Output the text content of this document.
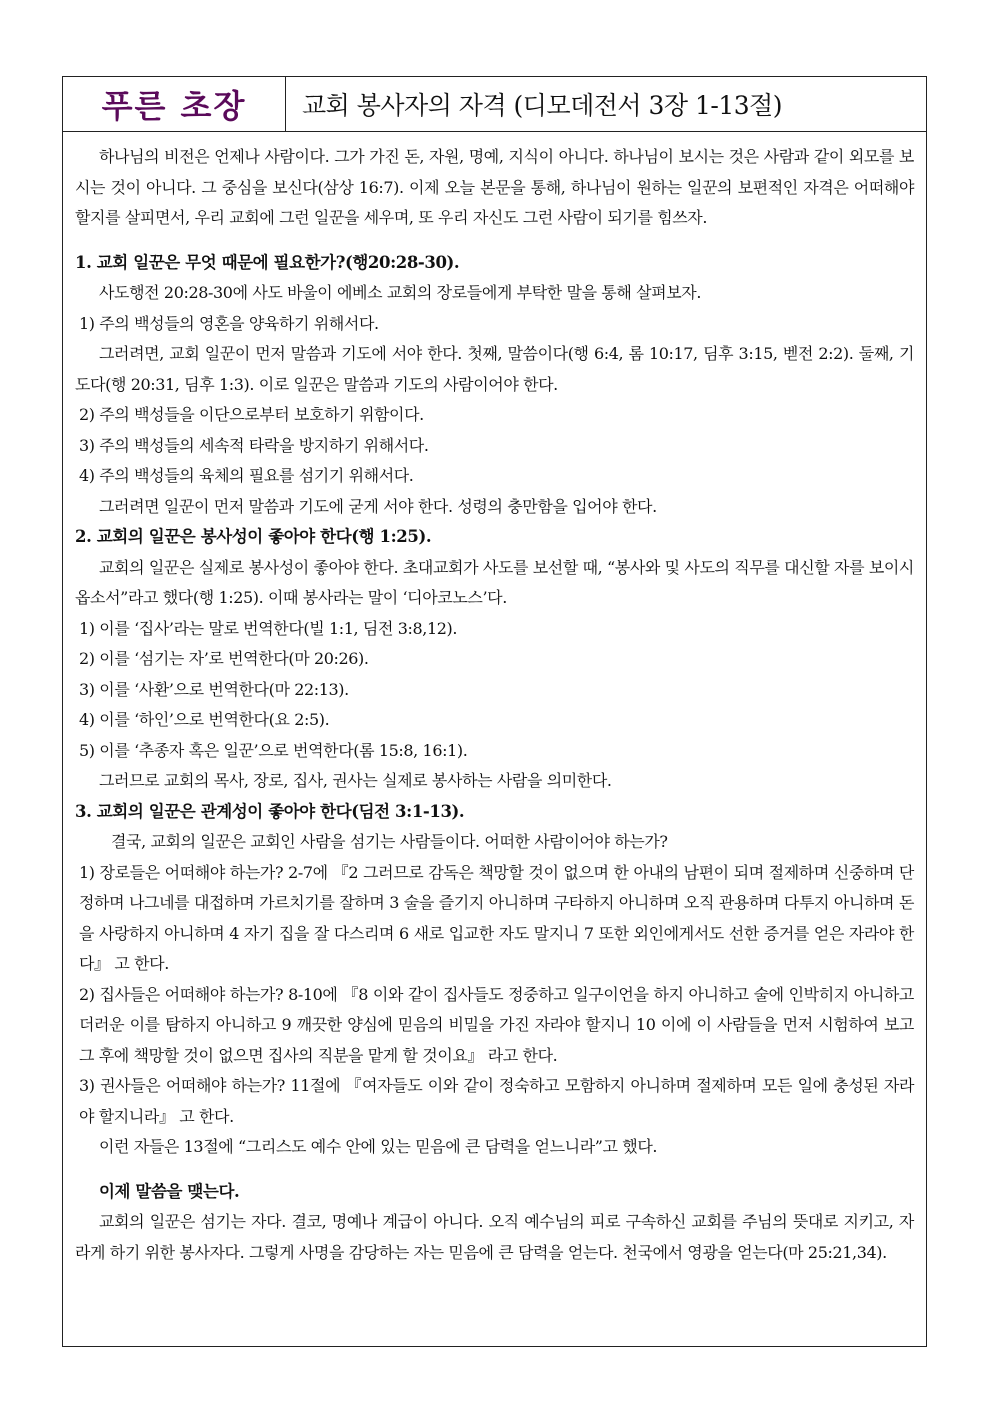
푸른 초장	교회 봉사자의 자격 (디모데전서 3장 1-13절)

하나님의 비전은 언제나 사람이다. 그가 가진 돈, 자원, 명예, 지식이 아니다. 하나님이 보시는 것은 사람과 같이 외모를 보시는 것이 아니다. 그 중심을 보신다(삼상 16:7). 이제 오늘 본문을 통해, 하나님이 원하는 일꾼의 보편적인 자격은 어떠해야 할지를 살피면서, 우리 교회에 그런 일꾼을 세우며, 또 우리 자신도 그런 사람이 되기를 힘쓰자.

1. 교회 일꾼은 무엇 때문에 필요한가?(행20:28-30).

사도행전 20:28-30에 사도 바울이 에베소 교회의 장로들에게 부탁한 말을 통해 살펴보자.

1) 주의 백성들의 영혼을 양육하기 위해서다.

그러려면, 교회 일꾼이 먼저 말씀과 기도에 서야 한다. 첫째, 말씀이다(행 6:4, 롬 10:17, 딤후 3:15, 벧전 2:2). 둘째, 기도다(행 20:31, 딤후 1:3). 이로 일꾼은 말씀과 기도의 사람이어야 한다.

2) 주의 백성들을 이단으로부터 보호하기 위함이다.

3) 주의 백성들의 세속적 타락을 방지하기 위해서다.

4) 주의 백성들의 육체의 필요를 섬기기 위해서다.

그러려면 일꾼이 먼저 말씀과 기도에 굳게 서야 한다. 성령의 충만함을 입어야 한다.

2. 교회의 일꾼은 봉사성이 좋아야 한다(행 1:25).

교회의 일꾼은 실제로 봉사성이 좋아야 한다. 초대교회가 사도를 보선할 때, “봉사와 및 사도의 직무를 대신할 자를 보이시옵소서”라고 했다(행 1:25). 이때 봉사라는 말이 ‘디아코노스’다.

1) 이를 ‘집사’라는 말로 번역한다(빌 1:1, 딤전 3:8,12).

2) 이를 ‘섬기는 자’로 번역한다(마 20:26).

3) 이를 ‘사환’으로 번역한다(마 22:13).

4) 이를 ‘하인’으로 번역한다(요 2:5).

5) 이를 ‘추종자 혹은 일꾼’으로 번역한다(롬 15:8, 16:1).

그러므로 교회의 목사, 장로, 집사, 권사는 실제로 봉사하는 사람을 의미한다.

3. 교회의 일꾼은 관계성이 좋아야 한다(딤전 3:1-13).

결국, 교회의 일꾼은 교회인 사람을 섬기는 사람들이다. 어떠한 사람이어야 하는가?

1) 장로들은 어떠해야 하는가? 2-7에 『2 그러므로 감독은 책망할 것이 없으며 한 아내의 남편이 되며 절제하며 신중하며 단정하며 나그네를 대접하며 가르치기를 잘하며 3 술을 즐기지 아니하며 구타하지 아니하며 오직 관용하며 다투지 아니하며 돈을 사랑하지 아니하며 4 자기 집을 잘 다스리며 6 새로 입교한 자도 말지니 7 또한 외인에게서도 선한 증거를 얻은 자라야 한다』 고 한다.

2) 집사들은 어떠해야 하는가? 8-10에 『8 이와 같이 집사들도 정중하고 일구이언을 하지 아니하고 술에 인박히지 아니하고 더러운 이를 탐하지 아니하고 9 깨끗한 양심에 믿음의 비밀을 가진 자라야 할지니 10 이에 이 사람들을 먼저 시험하여 보고 그 후에 책망할 것이 없으면 집사의 직분을 맡게 할 것이요』 라고 한다.

3) 권사들은 어떠해야 하는가? 11절에 『여자들도 이와 같이 정숙하고 모함하지 아니하며 절제하며 모든 일에 충성된 자라야 할지니라』 고 한다.

이런 자들은 13절에 “그리스도 예수 안에 있는 믿음에 큰 담력을 얻느니라”고 했다.

이제 말씀을 맺는다.

교회의 일꾼은 섬기는 자다. 결코, 명예나 계급이 아니다. 오직 예수님의 피로 구속하신 교회를 주님의 뜻대로 지키고, 자라게 하기 위한 봉사자다. 그렇게 사명을 감당하는 자는 믿음에 큰 담력을 얻는다. 천국에서 영광을 얻는다(마 25:21,34).
